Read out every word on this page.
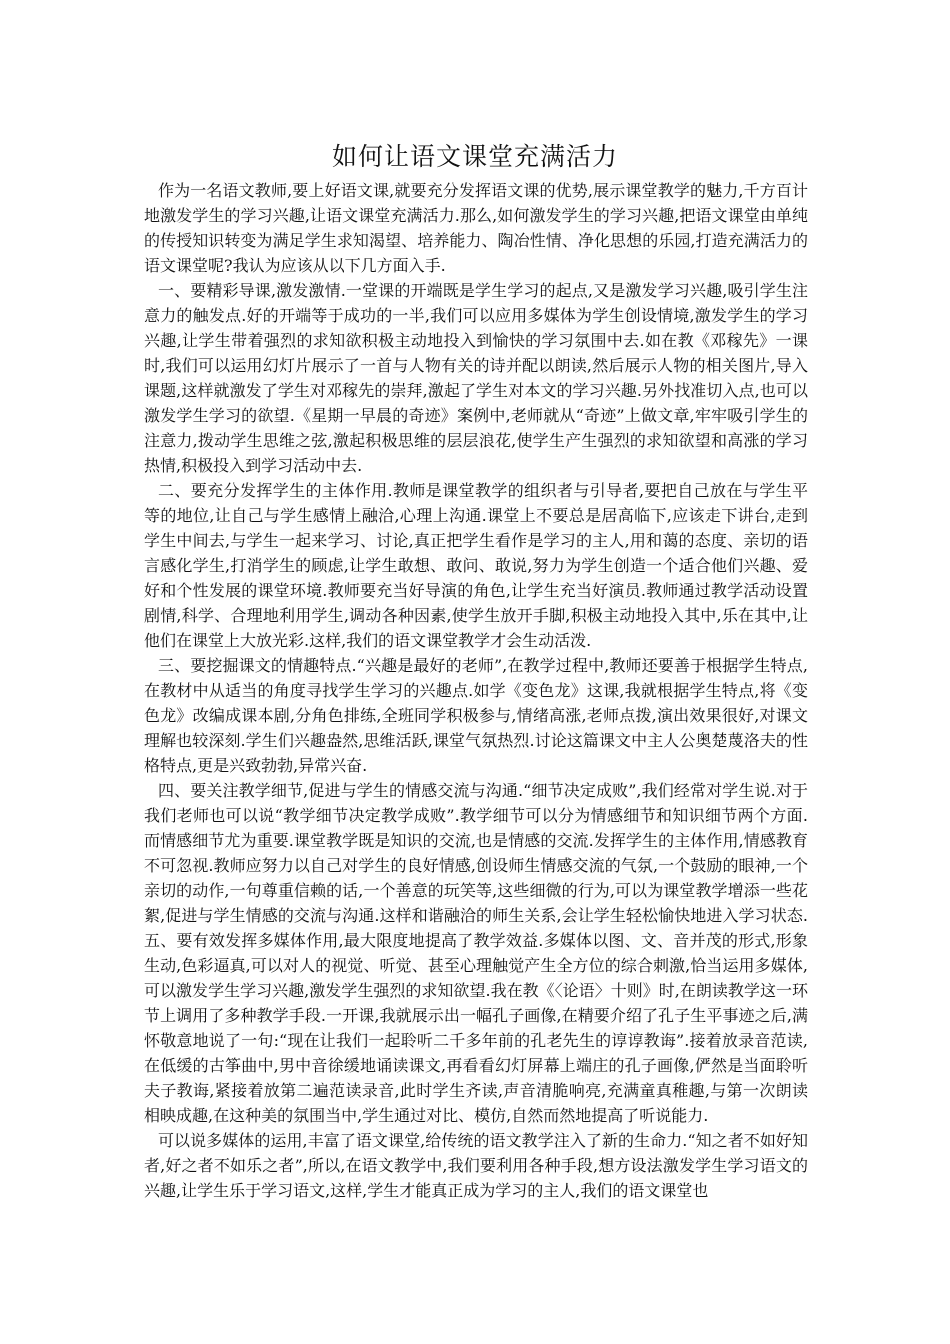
如何让语文课堂充满活力

作为一名语文教师,要上好语文课,就要充分发挥语文课的优势,展示课堂教学的魅力,千方百计地激发学生的学习兴趣,让语文课堂充满活力.那么,如何激发学生的学习兴趣,把语文课堂由单纯的传授知识转变为满足学生求知渴望、培养能力、陶冶性情、净化思想的乐园,打造充满活力的语文课堂呢?我认为应该从以下几方面入手.

一、要精彩导课,激发激情.一堂课的开端既是学生学习的起点,又是激发学习兴趣,吸引学生注意力的触发点.好的开端等于成功的一半,我们可以应用多媒体为学生创设情境,激发学生的学习兴趣,让学生带着强烈的求知欲积极主动地投入到愉快的学习氛围中去.如在教《邓稼先》一课时,我们可以运用幻灯片展示了一首与人物有关的诗并配以朗读,然后展示人物的相关图片,导入课题,这样就激发了学生对邓稼先的崇拜,激起了学生对本文的学习兴趣.另外找准切入点,也可以激发学生学习的欲望.《星期一早晨的奇迹》案例中,老师就从“奇迹”上做文章,牢牢吸引学生的注意力,拨动学生思维之弦,激起积极思维的层层浪花,使学生产生强烈的求知欲望和高涨的学习热情,积极投入到学习活动中去.

二、要充分发挥学生的主体作用.教师是课堂教学的组织者与引导者,要把自己放在与学生平等的地位,让自己与学生感情上融洽,心理上沟通.课堂上不要总是居高临下,应该走下讲台,走到学生中间去,与学生一起来学习、讨论,真正把学生看作是学习的主人,用和蔼的态度、亲切的语言感化学生,打消学生的顾虑,让学生敢想、敢问、敢说,努力为学生创造一个适合他们兴趣、爱好和个性发展的课堂环境.教师要充当好导演的角色,让学生充当好演员.教师通过教学活动设置剧情,科学、合理地利用学生,调动各种因素,使学生放开手脚,积极主动地投入其中,乐在其中,让他们在课堂上大放光彩.这样,我们的语文课堂教学才会生动活泼.

三、要挖掘课文的情趣特点.“兴趣是最好的老师”,在教学过程中,教师还要善于根据学生特点,在教材中从适当的角度寻找学生学习的兴趣点.如学《变色龙》这课,我就根据学生特点,将《变色龙》改编成课本剧,分角色排练,全班同学积极参与,情绪高涨,老师点拨,演出效果很好,对课文理解也较深刻.学生们兴趣盎然,思维活跃,课堂气氛热烈.讨论这篇课文中主人公奥楚蔑洛夫的性格特点,更是兴致勃勃,异常兴奋.

四、要关注教学细节,促进与学生的情感交流与沟通.“细节决定成败”,我们经常对学生说.对于我们老师也可以说“教学细节决定教学成败”.教学细节可以分为情感细节和知识细节两个方面.而情感细节尤为重要.课堂教学既是知识的交流,也是情感的交流.发挥学生的主体作用,情感教育不可忽视.教师应努力以自己对学生的良好情感,创设师生情感交流的气氛,一个鼓励的眼神,一个亲切的动作,一句尊重信赖的话,一个善意的玩笑等,这些细微的行为,可以为课堂教学增添一些花絮,促进与学生情感的交流与沟通.这样和谐融洽的师生关系,会让学生轻松愉快地进入学习状态.五、要有效发挥多媒体作用,最大限度地提高了教学效益.多媒体以图、文、音并茂的形式,形象生动,色彩逼真,可以对人的视觉、听觉、甚至心理触觉产生全方位的综合刺激,恰当运用多媒体,可以激发学生学习兴趣,激发学生强烈的求知欲望.我在教《〈论语〉十则》时,在朗读教学这一环节上调用了多种教学手段.一开课,我就展示出一幅孔子画像,在精要介绍了孔子生平事迹之后,满怀敬意地说了一句:“现在让我们一起聆听二千多年前的孔老先生的谆谆教诲”.接着放录音范读,在低缓的古筝曲中,男中音徐缓地诵读课文,再看看幻灯屏幕上端庄的孔子画像,俨然是当面聆听夫子教诲,紧接着放第二遍范读录音,此时学生齐读,声音清脆响亮,充满童真稚趣,与第一次朗读相映成趣,在这种美的氛围当中,学生通过对比、模仿,自然而然地提高了听说能力.

可以说多媒体的运用,丰富了语文课堂,给传统的语文教学注入了新的生命力.“知之者不如好知者,好之者不如乐之者”,所以,在语文教学中,我们要利用各种手段,想方设法激发学生学习语文的兴趣,让学生乐于学习语文,这样,学生才能真正成为学习的主人,我们的语文课堂也
